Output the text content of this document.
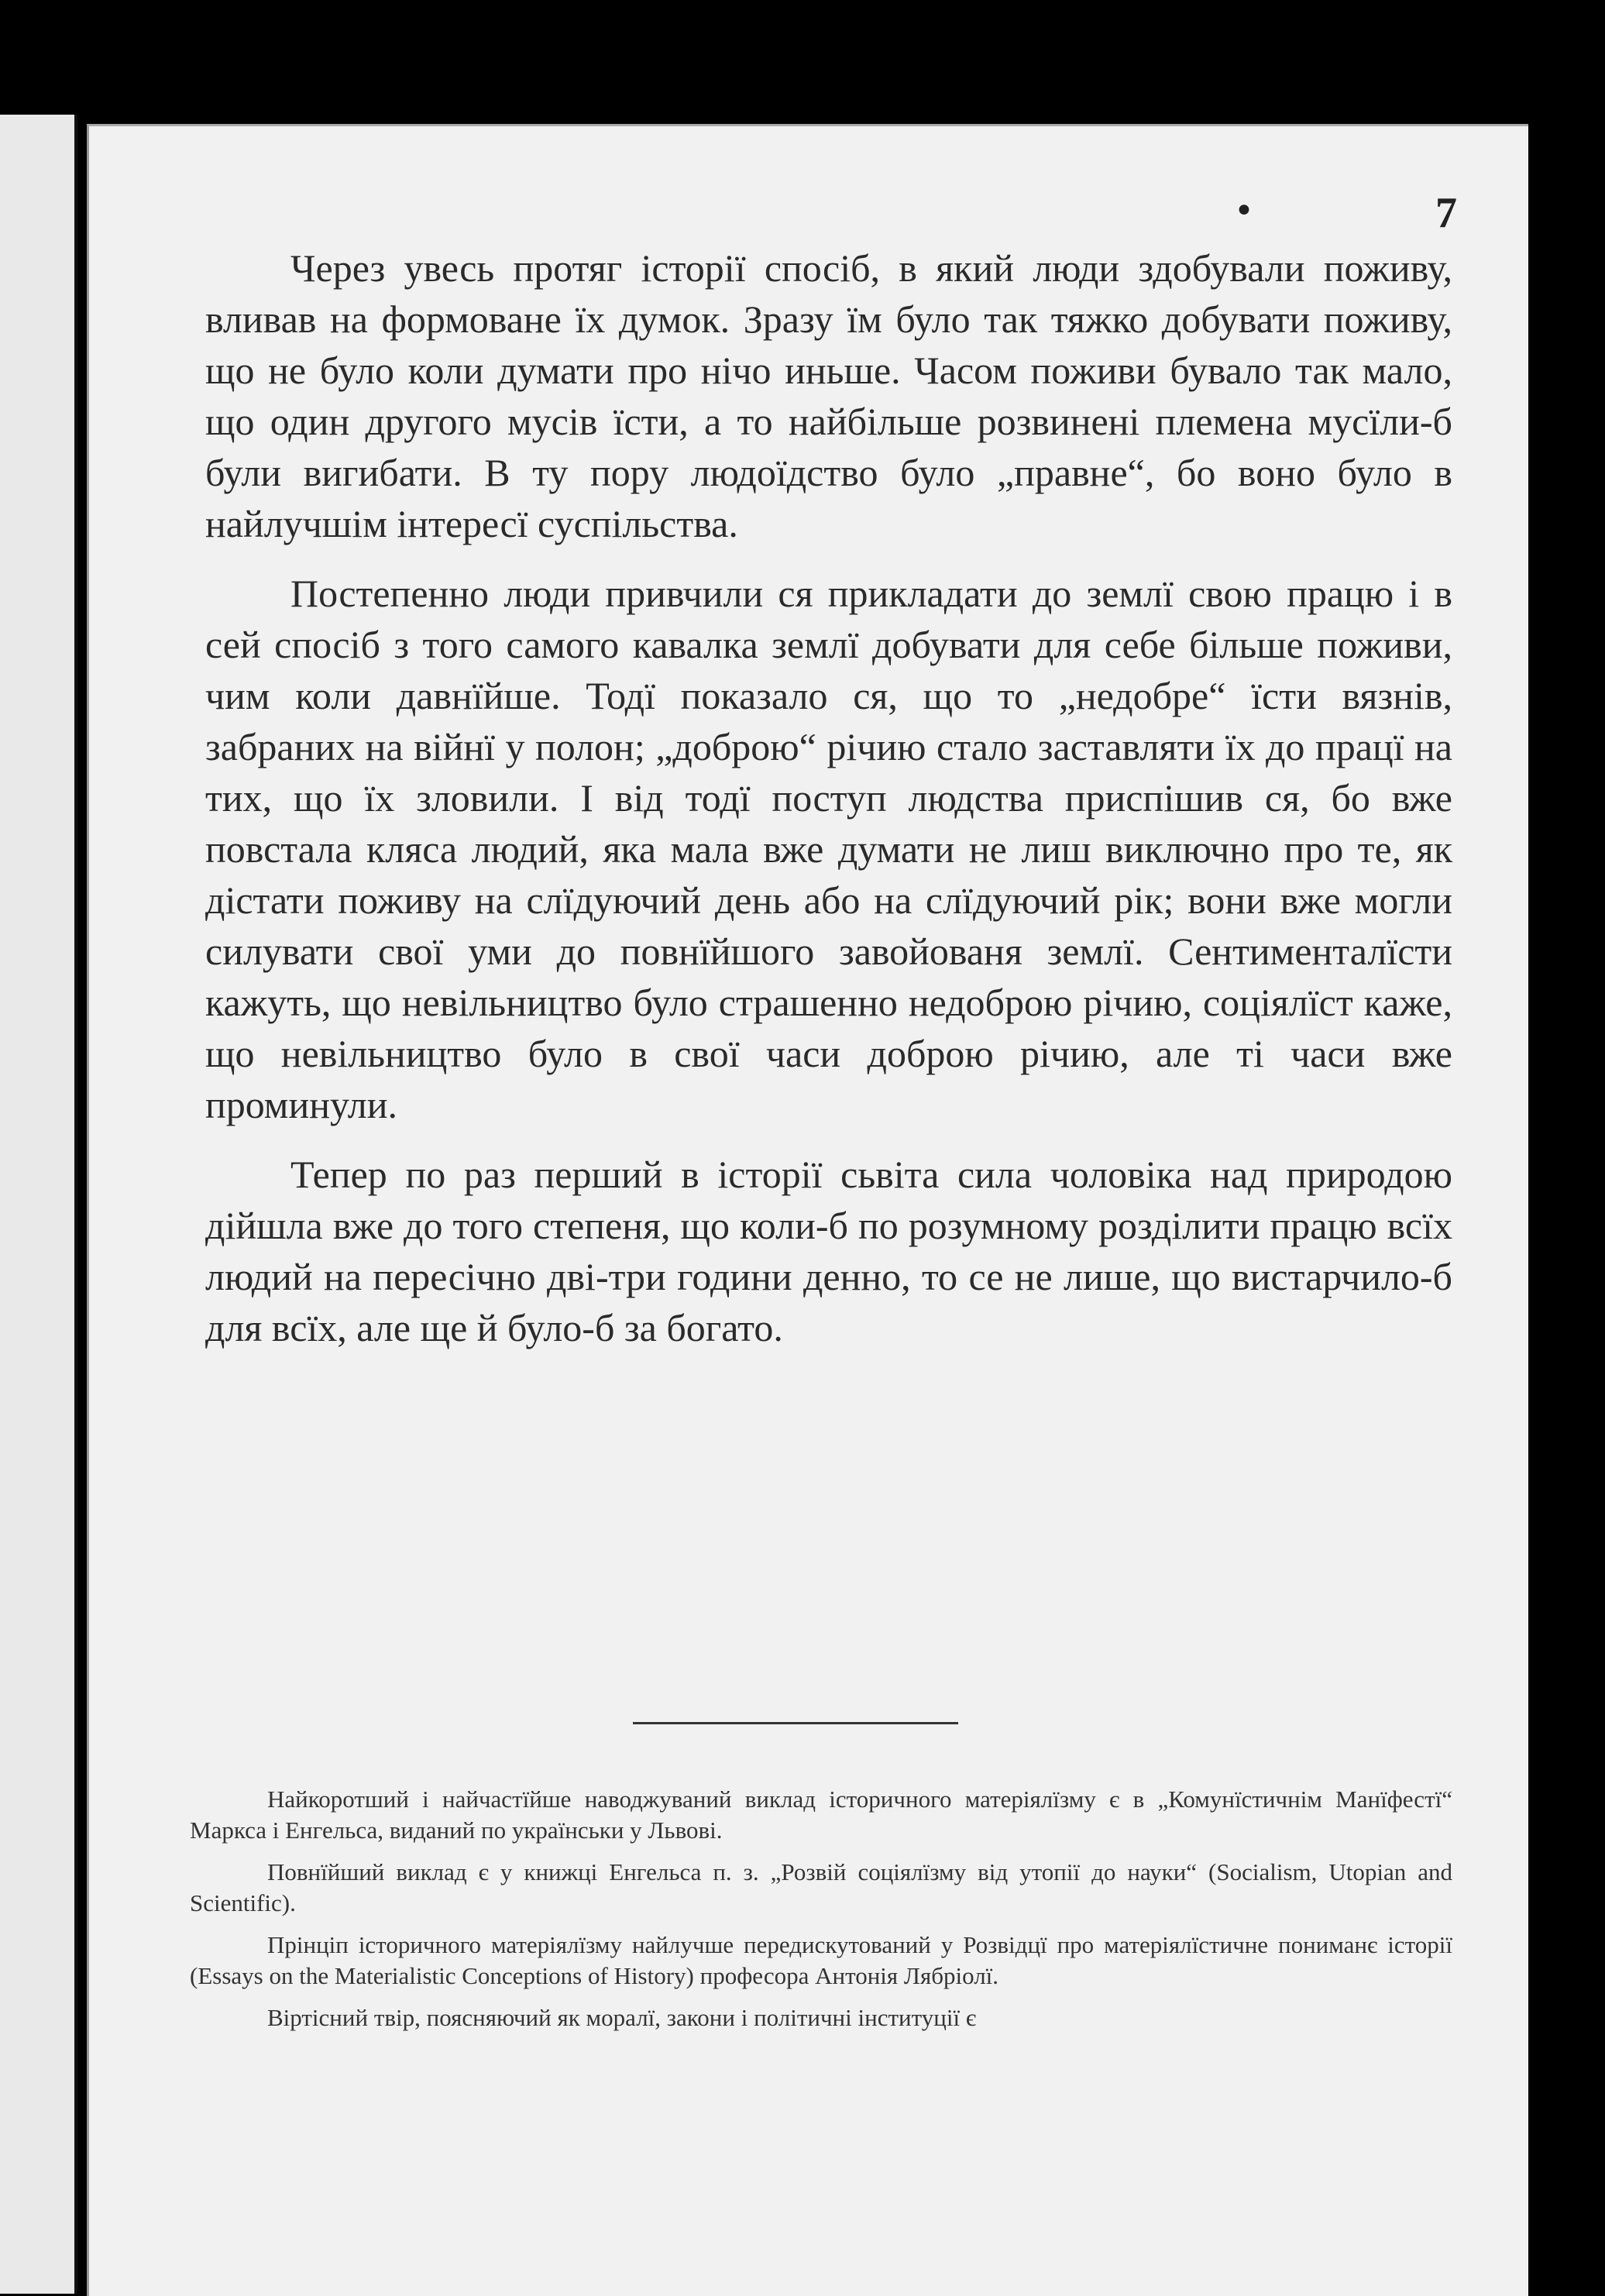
•	7

Через увесь протяг історії спосіб, в який люди здобували поживу, вливав на формоване їх думок. Зразу їм було так тяжко добувати поживу, що не було коли думати про нічо иньше. Часом поживи бувало так мало, що один другого мусів їсти, а то найбільше розвинені племена мусїли-б були вигибати. В ту пору людоїдство було „правне“, бо воно було в найлучшім інтересї суспільства.

Постепенно люди привчили ся прикладати до землї свою працю і в сей спосіб з того самого кавалка землї добувати для себе більше поживи, чим коли давнїйше. Тодї показало ся, що то „недобре“ їсти вязнів, забраних на війнї у полон; „доброю“ річию стало заставляти їх до працї на тих, що їх зловили. І від тодї поступ людства приспішив ся, бо вже повстала кляса людий, яка мала вже думати не лиш виключно про те, як дістати поживу на слїдуючий день або на слїдуючий рік; вони вже могли силувати свої уми до повнїйшого завойованя землї. Сентименталїсти кажуть, що невільництво було страшенно недоброю річию, соціялїст каже, що невільництво було в свої часи доброю річию, але ті часи вже проминули.

Тепер по раз перший в історії сьвіта сила чоловіка над природою дійшла вже до того степеня, що коли-б по розумному розділити працю всїх людий на пересічно дві-три години денно, то се не лише, що вистарчило-б для всїх, але ще й було-б за богато.

Найкоротший і найчастїйше наводжуваний виклад історичного матеріялїзму є в „Комунїстичнім Манїфестї“ Маркса і Енгельса, виданий по українськи у Львові.

Повнїйший виклад є у книжці Енгельса п. з. „Розвій соціялїзму від утопії до науки“ (Socialism, Utopian and Scientific).

Прінціп історичного матеріялїзму найлучше передискутований у Розвідцї про матеріялїстичне пониманє історії (Essays on the Materialistic Conceptions of History) професора Антонія Лябріолї.

Віртісний твір, поясняючий як моралї, закони і політичні інституції є
